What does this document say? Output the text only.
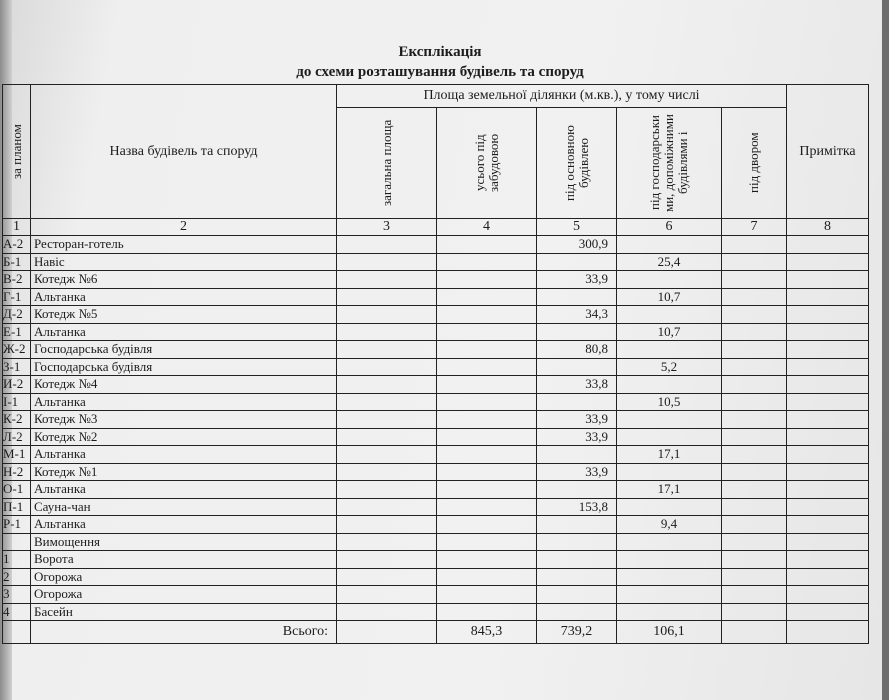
Експлікація
до схеми розташування будівель та споруд
за планом	Назва будівель та споруд	Площа земельної ділянки (м.кв.), у тому числі					Примітка

		загальна площа	усього під забудовою	під основною будівлею	під господарськи ми, допоміжними будівлями і	під двором	

1	2	3	4	5	6	7	8
А-2	Ресторан-готель			300,9			
Б-1	Навіс				25,4		
В-2	Котедж №6			33,9			
Г-1	Альтанка				10,7		
Д-2	Котедж №5			34,3			
Е-1	Альтанка				10,7		
Ж-2	Господарська будівля			80,8			
З-1	Господарська будівля				5,2		
И-2	Котедж №4			33,8			
І-1	Альтанка				10,5		
К-2	Котедж №3			33,9			
Л-2	Котедж №2			33,9			
М-1	Альтанка				17,1		
Н-2	Котедж №1			33,9			
О-1	Альтанка				17,1		
П-1	Сауна-чан			153,8			
Р-1	Альтанка				9,4		
	Вимощення						
1	Ворота						
2	Огорожа						
3	Огорожа						
4	Басейн						
	Всього:		845,3	739,2	106,1		
